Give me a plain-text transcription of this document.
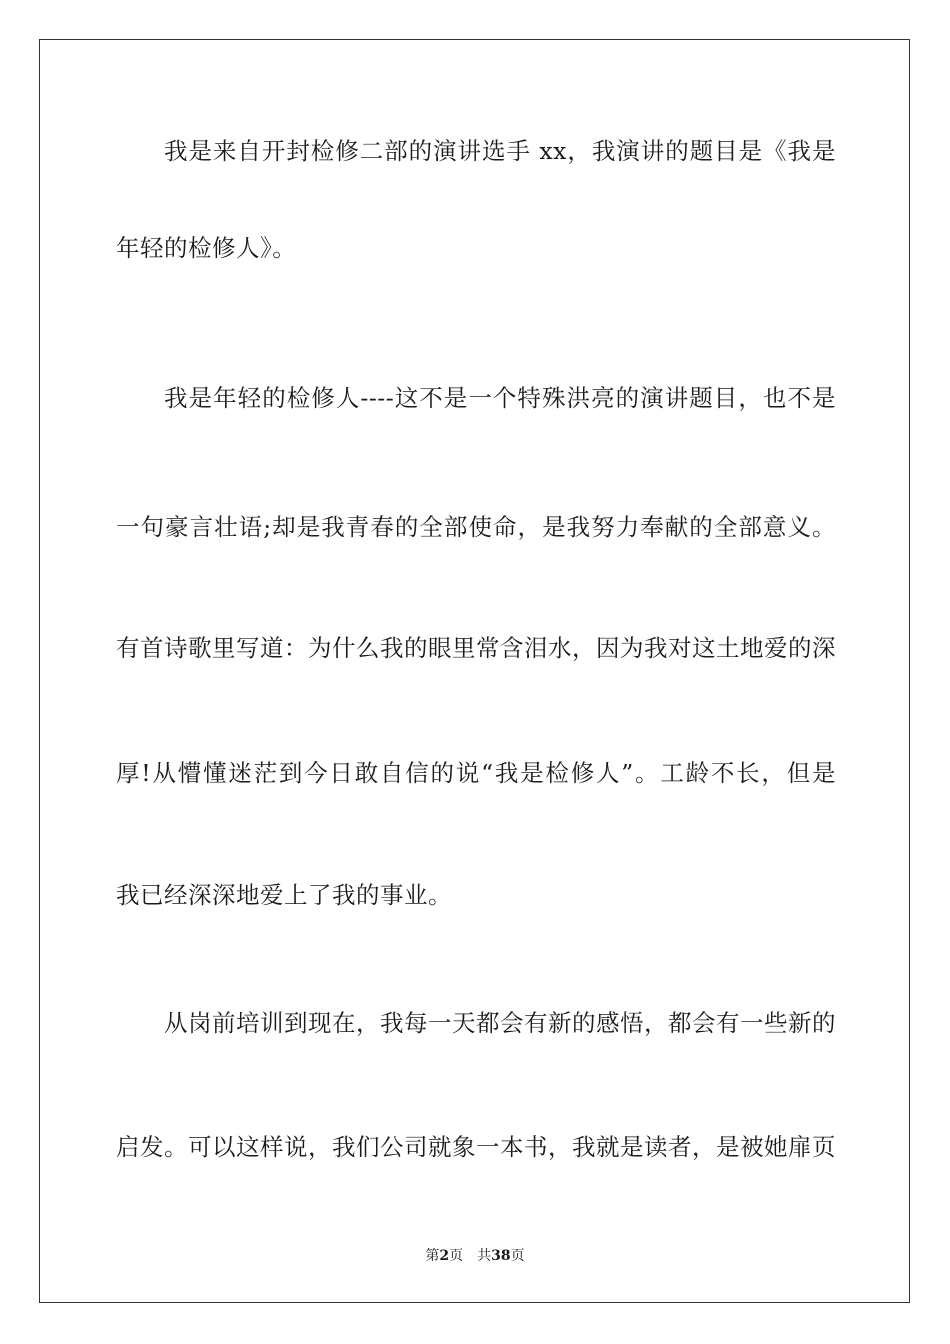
我是来自开封检修二部的演讲选手 xx，我演讲的题目是《我是
年轻的检修人》。
我是年轻的检修人----这不是一个特殊洪亮的演讲题目，也不是
一句豪言壮语;却是我青春的全部使命，是我努力奉献的全部意义。
有首诗歌里写道：为什么我的眼里常含泪水，因为我对这土地爱的深
厚!从懵懂迷茫到今日敢自信的说“我是检修人”。工龄不长，但是
我已经深深地爱上了我的事业。
从岗前培训到现在，我每一天都会有新的感悟，都会有一些新的
启发。可以这样说，我们公司就象一本书，我就是读者，是被她扉页
第2页 共38页
